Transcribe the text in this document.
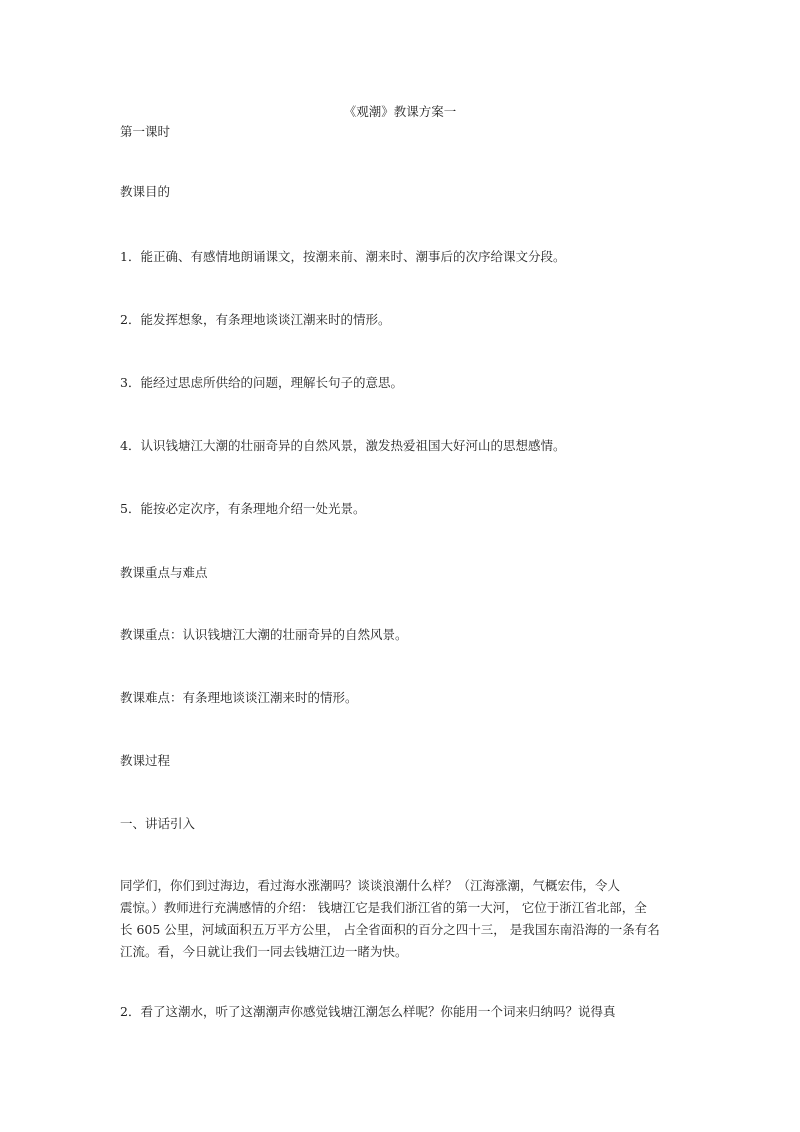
《观潮》教课方案一
第一课时
教课目的
1．能正确、有感情地朗诵课文，按潮来前、潮来时、潮事后的次序给课文分段。
2．能发挥想象，有条理地谈谈江潮来时的情形。
3．能经过思虑所供给的问题，理解长句子的意思。
4．认识钱塘江大潮的壮丽奇异的自然风景，激发热爱祖国大好河山的思想感情。
5．能按必定次序，有条理地介绍一处光景。
教课重点与难点
教课重点：认识钱塘江大潮的壮丽奇异的自然风景。
教课难点：有条理地谈谈江潮来时的情形。
教课过程
一、讲话引入
同学们，你们到过海边，看过海水涨潮吗？谈谈浪潮什么样？（江海涨潮，气概宏伟，令人
震惊。）教师进行充满感情的介绍： 钱塘江它是我们浙江省的第一大河， 它位于浙江省北部，全
长 605 公里，河域面积五万平方公里， 占全省面积的百分之四十三， 是我国东南沿海的一条有名
江流。看，今日就让我们一同去钱塘江边一睹为快。
2．看了这潮水，听了这潮潮声你感觉钱塘江潮怎么样呢？你能用一个词来归纳吗？说得真
